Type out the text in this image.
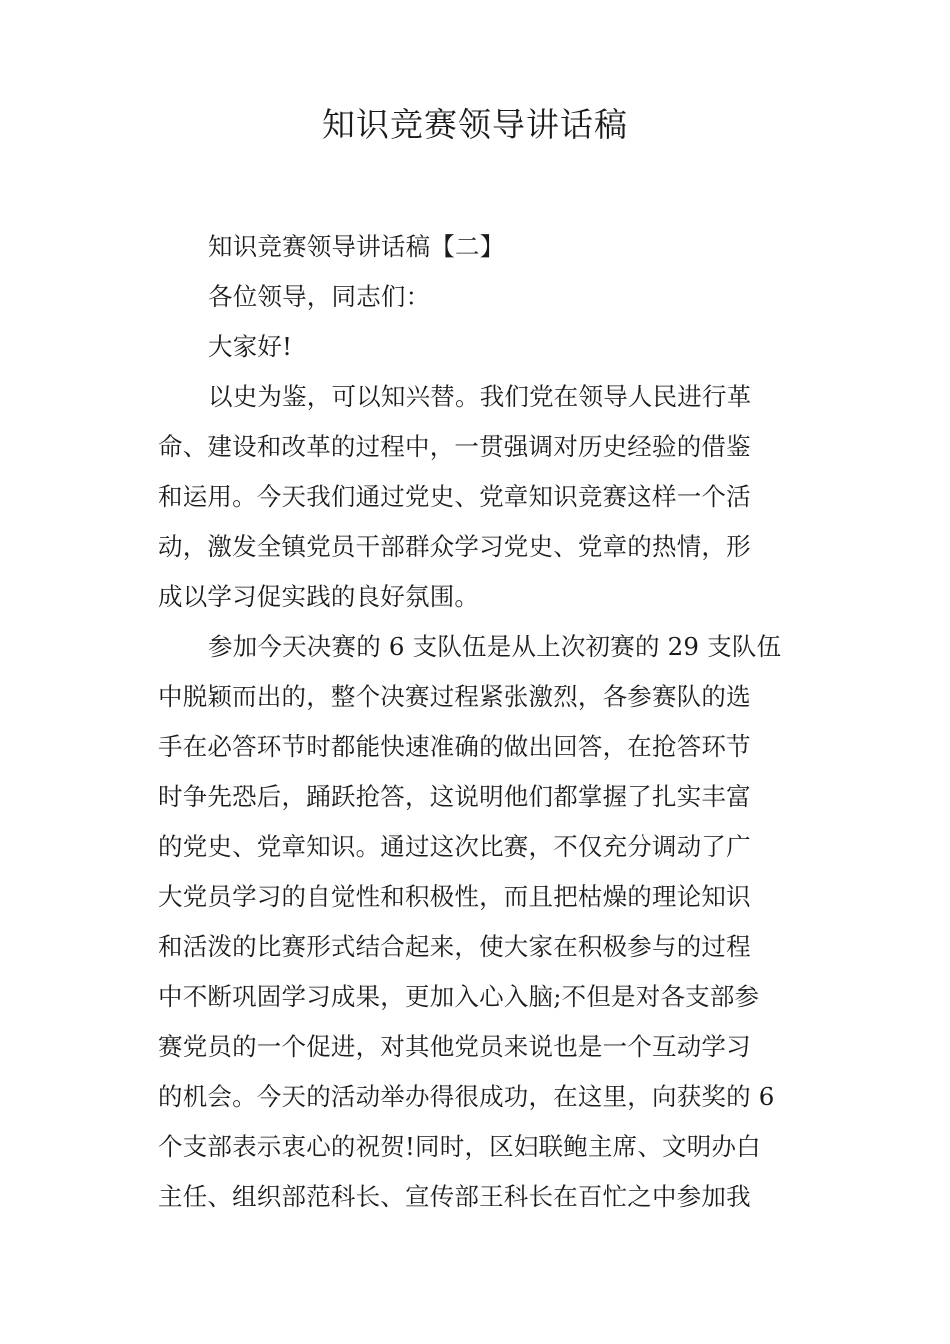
知识竞赛领导讲话稿
知识竞赛领导讲话稿【二】
各位领导，同志们：
大家好!
以史为鉴，可以知兴替。我们党在领导人民进行革
命、建设和改革的过程中，一贯强调对历史经验的借鉴
和运用。今天我们通过党史、党章知识竞赛这样一个活
动，激发全镇党员干部群众学习党史、党章的热情，形
成以学习促实践的良好氛围。
参加今天决赛的 6 支队伍是从上次初赛的 29 支队伍
中脱颖而出的，整个决赛过程紧张激烈，各参赛队的选
手在必答环节时都能快速准确的做出回答，在抢答环节
时争先恐后，踊跃抢答，这说明他们都掌握了扎实丰富
的党史、党章知识。通过这次比赛，不仅充分调动了广
大党员学习的自觉性和积极性，而且把枯燥的理论知识
和活泼的比赛形式结合起来，使大家在积极参与的过程
中不断巩固学习成果，更加入心入脑;不但是对各支部参
赛党员的一个促进，对其他党员来说也是一个互动学习
的机会。今天的活动举办得很成功，在这里，向获奖的 6
个支部表示衷心的祝贺!同时，区妇联鲍主席、文明办白
主任、组织部范科长、宣传部王科长在百忙之中参加我
